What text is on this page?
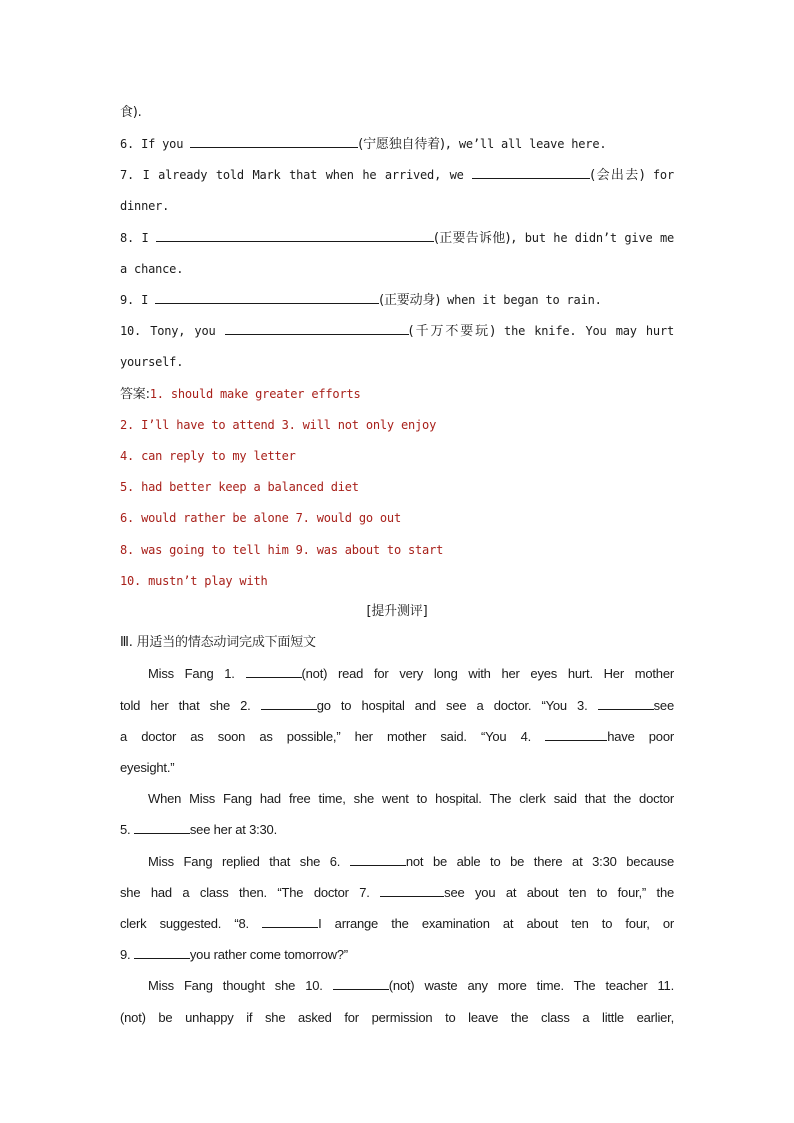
食).
6. If you	(宁愿独自待着), we’ll all leave here.
7. I already told Mark that when he arrived, we	(会出去) for
dinner.
8. I	(正要告诉他), but he didn’t give me
a chance.
9. I	(正要动身) when it began to rain.
10. Tony, you	(千万不要玩) the knife. You may hurt
yourself.
答案:1. should make greater efforts
2. I’ll have to attend 3. will not only enjoy
4. can reply to my letter
5. had better keep a balanced diet
6. would rather be alone 7. would go out
8. was going to tell him 9. was about to start
10. mustn’t play with
[提升测评]
Ⅲ. 用适当的情态动词完成下面短文
Miss Fang 1.	(not) read for very long with her eyes hurt. Her mother
told her that she 2.	go to hospital and see a doctor. “You 3.	see
a doctor as soon as possible,” her mother said. “You 4.	have poor
eyesight.”
When Miss Fang had free time, she went to hospital. The clerk said that the doctor
5.	see her at 3:30.
Miss Fang replied that she 6.	not be able to be there at 3:30 because
she had a class then. “The doctor 7.	see you at about ten to four,” the
clerk suggested. “8.	I arrange the examination at about ten to four, or
9.	you rather come tomorrow?”
Miss Fang thought she 10.	(not) waste any more time. The teacher 11.
(not) be unhappy if she asked for permission to leave the class a little earlier,
